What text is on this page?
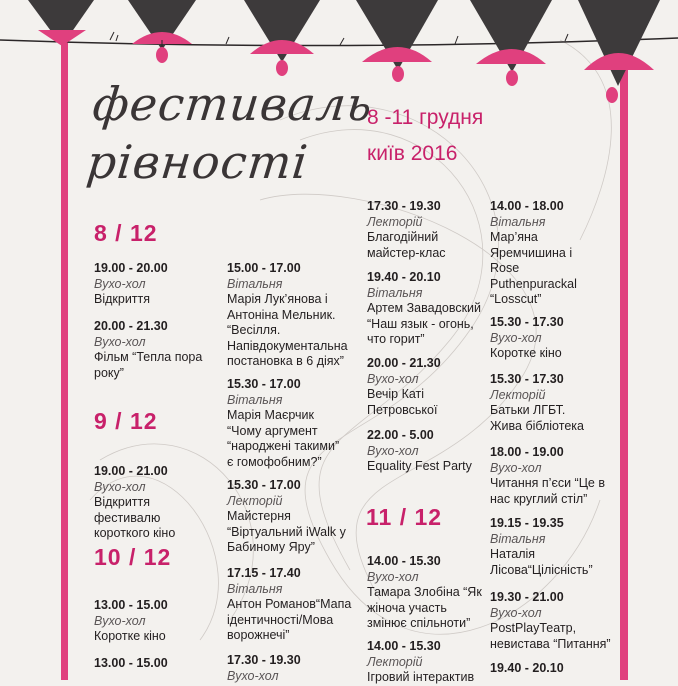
фестиваль
рівності
8 -11 грудня
київ 2016
8 / 12
9 / 12
10 / 12
11 / 12
19.00 - 20.00
Вухо-хол
Відкриття
20.00 - 21.30
Вухо-хол
Фільм “Тепла пора року”
19.00 - 21.00
Вухо-хол
Відкриття фестивалю короткого кіно
13.00 - 15.00
Вухо-хол
Коротке кіно
13.00 - 15.00
15.00 - 17.00
Вітальня
Марія Лук’янова і Антоніна Мельник. “Весілля. Напівдокументальна постановка в 6 діях”
15.30 - 17.00
Вітальня
Марія Маєрчик “Чому аргумент “народжені такими” є гомофобним?”
15.30 - 17.00
Лекторій
Майстерня “Віртуальний iWalk у Бабиному Яру”
17.15 - 17.40
Вітальня
Антон Романов“Мапа ідентичності/Мова ворожнечі”
17.30 - 19.30
Вухо-хол
17.30 - 19.30
Лекторій
Благодійний майстер-клас
19.40 - 20.10
Вітальня
Артем Завадовский “Наш язык - огонь, что горит”
20.00 - 21.30
Вухо-хол
Вечір Каті Петровської
22.00 - 5.00
Вухо-хол
Equality Fest Party
14.00 - 15.30
Вухо-хол
Тамара Злобіна “Як жіноча участь змінює спільноти”
14.00 - 15.30
Лекторій
Ігровий інтерактив
14.00 - 18.00
Вітальня
Мар’яна Яремчишина і Rose Puthenpurackal “Losscut”
15.30 - 17.30
Вухо-хол
Коротке кіно
15.30 - 17.30
Лекторій
Батьки ЛГБТ. Жива бібліотека
18.00 - 19.00
Вухо-хол
Читання п’єси “Це в нас круглий стіл”
19.15 - 19.35
Вітальня
Наталія Лісова“Цілісність”
19.30 - 21.00
Вухо-хол
PostPlayТеатр, невистава “Питання”
19.40 - 20.10
